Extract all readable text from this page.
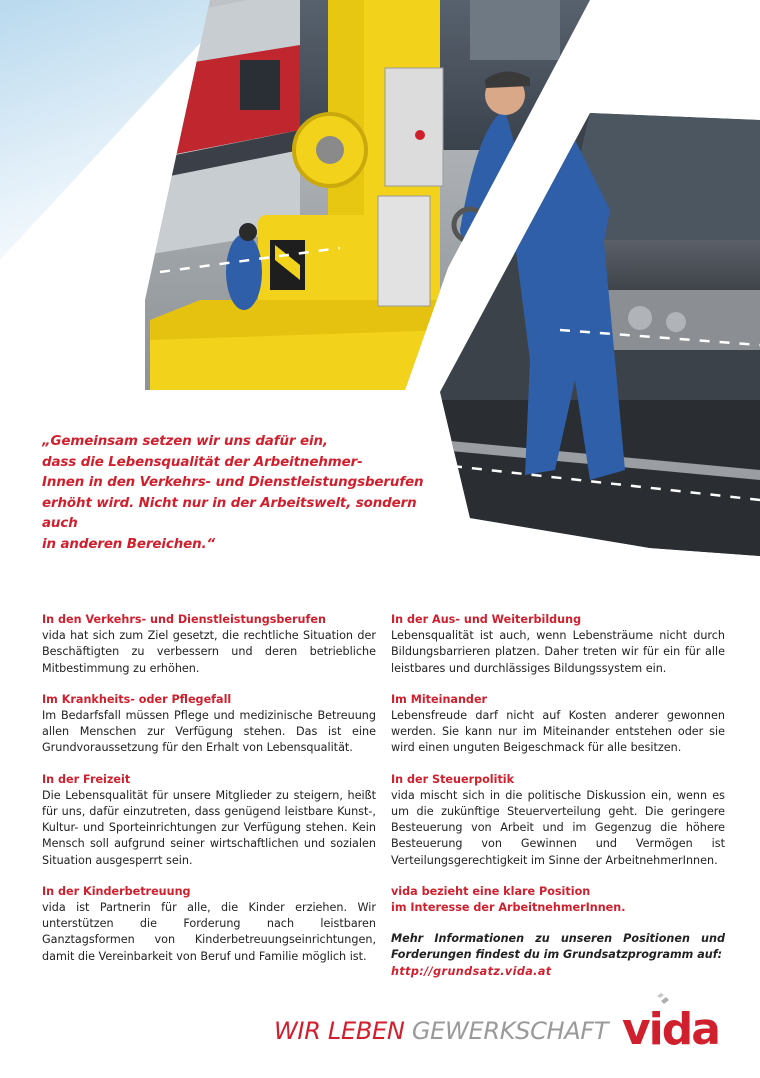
„Gemeinsam setzen wir uns dafür ein,
dass die Lebensqualität der Arbeitnehmer-
Innen in den Verkehrs- und Dienstleistungsberufen
erhöht wird. Nicht nur in der Arbeitswelt, sondern auch
in anderen Bereichen.“
In den Verkehrs- und Dienstleistungsberufen

vida hat sich zum Ziel gesetzt, die rechtliche Situation der Beschäftigten zu verbessern und deren betriebliche Mitbestimmung zu erhöhen.

Im Krankheits- oder Pflegefall

Im Bedarfsfall müssen Pflege und medizinische Betreuung allen Menschen zur Verfügung stehen. Das ist eine Grundvoraussetzung für den Erhalt von Lebensqualität.

In der Freizeit

Die Lebensqualität für unsere Mitglieder zu steigern, heißt für uns, dafür einzutreten, dass genügend leistbare Kunst-, Kultur- und Sporteinrichtungen zur Verfügung stehen. Kein Mensch soll aufgrund seiner wirtschaftlichen und sozialen Situation ausgesperrt sein.

In der Kinderbetreuung

vida ist Partnerin für alle, die Kinder erziehen. Wir unterstützen die Forderung nach leistbaren Ganztagsformen von Kinderbetreuungseinrichtungen, damit die Vereinbarkeit von Beruf und Familie möglich ist.

In der Aus- und Weiterbildung

Lebensqualität ist auch, wenn Lebensträume nicht durch Bildungsbarrieren platzen. Daher treten wir für ein für alle leistbares und durchlässiges Bildungssystem ein.

Im Miteinander

Lebensfreude darf nicht auf Kosten anderer gewonnen werden. Sie kann nur im Miteinander entstehen oder sie wird einen unguten Beigeschmack für alle besitzen.

In der Steuerpolitik

vida mischt sich in die politische Diskussion ein, wenn es um die zukünftige Steuerverteilung geht. Die geringere Besteuerung von Arbeit und im Gegenzug die höhere Besteuerung von Gewinnen und Vermögen ist Verteilungsgerechtigkeit im Sinne der ArbeitnehmerInnen.

vida bezieht eine klare Position
im Interesse der ArbeitnehmerInnen.
Mehr Informationen zu unseren Positionen und Forderungen findest du im Grundsatzprogramm auf:
http://grundsatz.vida.at
WIR LEBEN GEWERKSCHAFT vida
